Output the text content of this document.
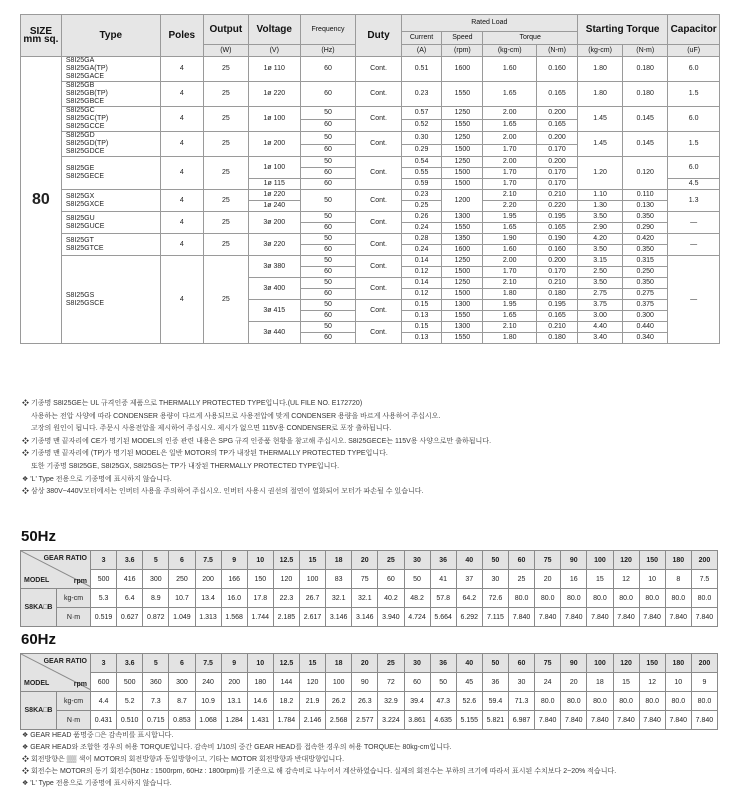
SIZE
mm sq.	Type	Poles	Output	Voltage	Frequency	Duty	Rated Load				Starting Torque		Capacitor
							Current	Speed	Torque				
			(W)	(V)	(Hz)		(A)	(rpm)	(kg-cm)	(N-m)	(kg-cm)	(N-m)	(uF)
80	S8I25GA
S8I25GA(TP)
S8I25GACE	4	25	1ø 110	60	Cont.	0.51	1600	1.60	0.160	1.80	0.180	6.0

	S8I25GB
S8I25GB(TP)
S8I25GBCE	4	25	1ø 220	60	Cont.	0.23	1550	1.65	0.165	1.80	0.180	1.5

	S8I25GC
S8I25GC(TP)
S8I25GCCE	4	25	1ø 100	50	Cont.	0.57	1250	2.00	0.200	1.45	0.145	6.0
					60		0.52	1550	1.65	0.165			
	S8I25GD
S8I25GD(TP)
S8I25GDCE	4	25	1ø 200	50	Cont.	0.30	1250	2.00	0.200	1.45	0.145	1.5
					60		0.29	1500	1.70	0.170			
	S8I25GE
S8I25GECE	4	25	1ø 100	50	Cont.	0.54	1250	2.00	0.200	1.20	0.120	6.0
					60		0.55	1500	1.70	0.170			
				1ø 115	60		0.59	1500	1.70	0.170			4.5
	S8I25GX
S8I25GXCE	4	25	1ø 220	50	Cont.	0.23	1200	2.10	0.210	1.10	0.110	1.3
				1ø 240			0.25		2.20	0.220	1.30	0.130	
	S8I25GU
S8I25GUCE	4	25	3ø 200	50	Cont.	0.26	1300	1.95	0.195	3.50	0.350	—
					60		0.24	1550	1.65	0.165	2.90	0.290	
	S8I25GT
S8I25GTCE	4	25	3ø 220	50	Cont.	0.28	1350	1.90	0.190	4.20	0.420	—
					60		0.24	1600	1.60	0.160	3.50	0.350	
	S8I25GS
S8I25GSCE	4	25	3ø 380	50	Cont.	0.14	1250	2.00	0.200	3.15	0.315	—
					60		0.12	1500	1.70	0.170	2.50	0.250	
				3ø 400	50	Cont.	0.14	1250	2.10	0.210	3.50	0.350	
					60		0.12	1500	1.80	0.180	2.75	0.275	
				3ø 415	50	Cont.	0.15	1300	1.95	0.195	3.75	0.375	
					60		0.13	1550	1.65	0.165	3.00	0.300	
				3ø 440	50	Cont.	0.15	1300	2.10	0.210	4.40	0.440	
					60		0.13	1550	1.80	0.180	3.40	0.340	
❖ 기종명 S8I25GE는 UL 규격인증 제품으로 THERMALLY PROTECTED TYPE입니다.(UL FILE NO. E172720)
사용하는 전압 사양에 따라 CONDENSER 용량이 다르게 사용되므로 사용전압에 맞게 CONDENSER 용량을 바르게 사용하여 주십시오.
고장의 원인이 됩니다. 주문시 사용전압을 제시하여 주십시오. 제시가 없으면 115V용 CONDENSER로 포장 출하됩니다.
❖ 기종명 맨 끝자리에 CE가 명기된 MODEL의 인증 관련 내용은 SPG 규격 인증품 현황을 참고해 주십시오. S8I25GECE는 115V용 사양으로만 출하됩니다.
❖ 기종명 맨 끝자리에 (TP)가 명기된 MODEL은 일반 MOTOR의 TP가 내장된 THERMALLY PROTECTED TYPE입니다.
또한 기종명 S8I25GE, S8I25GX, S8I25GS는 TP가 내장된 THERMALLY PROTECTED TYPE입니다.
❖ 'L' Type 전용으로 기종명에 표시하지 않습니다.
❖ 삼상 380V~440V모터에서는 인버터 사용을 주의하여 주십시오. 인버터 사용시 권선의 절연이 열화되어 모터가 파손될 수 있습니다.
50Hz
GEAR RATIO
MODEL rpm		3	3.6	5	6	7.5	9	10	12.5	15	18	20	25	30	36	40	50	60	75	90	100	120	150	180	200
		500	416	300	250	200	166	150	120	100	83	75	60	50	41	37	30	25	20	16	15	12	10	8	7.5
S8KA□B	kg-cm	5.3	6.4	8.9	10.7	13.4	16.0	17.8	22.3	26.7	32.1	32.1	40.2	48.2	57.8	64.2	72.6	80.0	80.0	80.0	80.0	80.0	80.0	80.0	80.0
	N·m	0.519	0.627	0.872	1.049	1.313	1.568	1.744	2.185	2.617	3.146	3.146	3.940	4.724	5.664	6.292	7.115	7.840	7.840	7.840	7.840	7.840	7.840	7.840	7.840
60Hz
GEAR RATIO
MODEL rpm		3	3.6	5	6	7.5	9	10	12.5	15	18	20	25	30	36	40	50	60	75	90	100	120	150	180	200
		600	500	360	300	240	200	180	144	120	100	90	72	60	50	45	36	30	24	20	18	15	12	10	9
S8KA□B	kg-cm	4.4	5.2	7.3	8.7	10.9	13.1	14.6	18.2	21.9	26.2	26.3	32.9	39.4	47.3	52.6	59.4	71.3	80.0	80.0	80.0	80.0	80.0	80.0	80.0
	N·m	0.431	0.510	0.715	0.853	1.068	1.284	1.431	1.784	2.146	2.568	2.577	3.224	3.861	4.635	5.155	5.821	6.987	7.840	7.840	7.840	7.840	7.840	7.840	7.840
❖ GEAR HEAD 품명중 □은 감속비를 표시합니다.
❖ GEAR HEAD와 조합한 경우의 허용 TORQUE입니다. 감속비 1/10의 중간 GEAR HEAD를 접속한 경우의 허용 TORQUE는 80kg-cm입니다.
❖ 회전방향은 ▒▒ 색이 MOTOR의 회전방향과 동일방향이고, 기타는 MOTOR 회전방향과 반대방향입니다.
❖ 회전수는 MOTOR의 동기 회전수(50Hz : 1500rpm, 60Hz : 1800rpm)를 기준으로 해 감속비로 나누어서 계산하였습니다. 실제의 회전수는 부하의 크기에 따라서 표시된 수치보다 2~20% 적습니다.
❖ 'L' Type 전용으로 기종명에 표시하지 않습니다.
